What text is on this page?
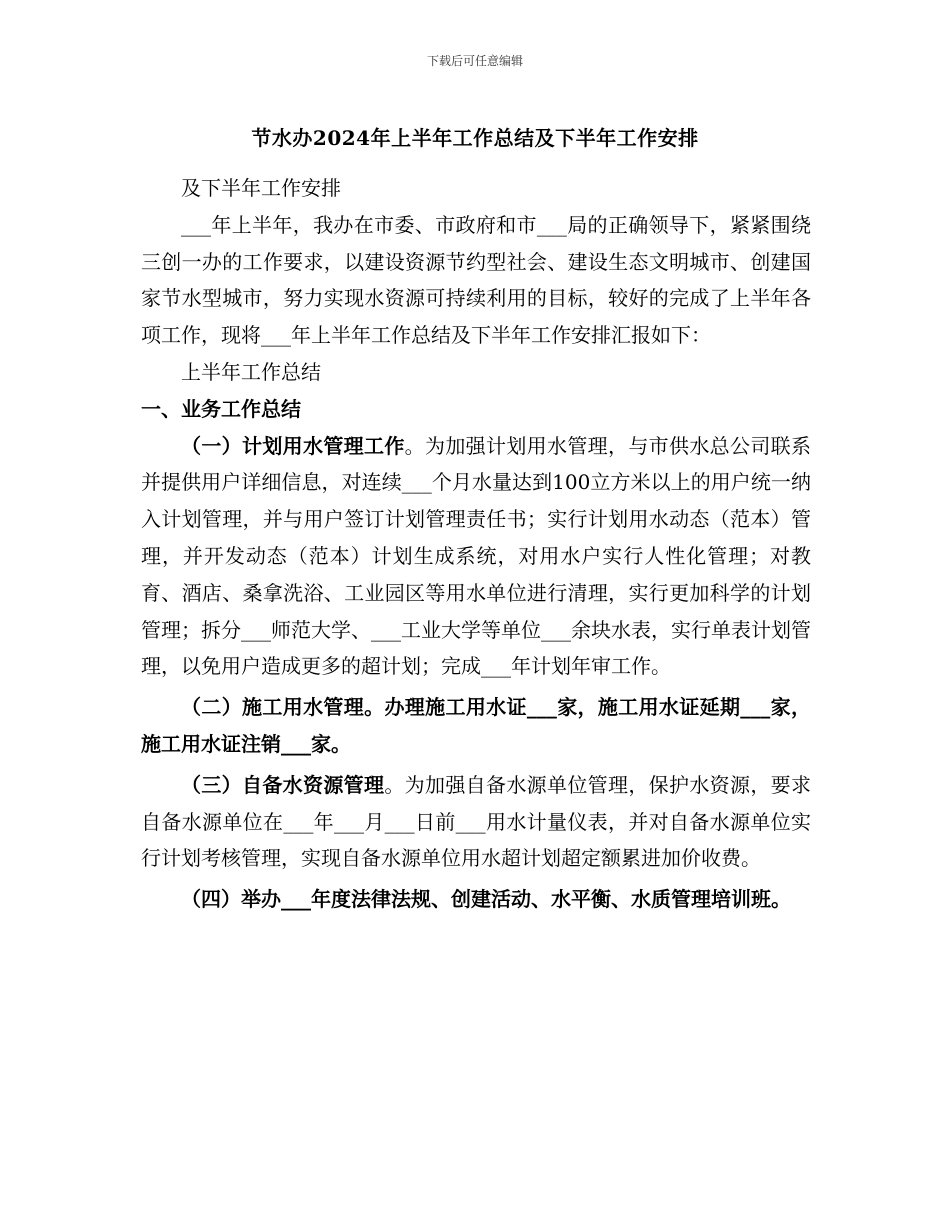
下载后可任意编辑
节水办2024年上半年工作总结及下半年工作安排

及下半年工作安排

___年上半年，我办在市委、市政府和市___局的正确领导下，紧紧围绕三创一办的工作要求，以建设资源节约型社会、建设生态文明城市、创建国家节水型城市，努力实现水资源可持续利用的目标，较好的完成了上半年各项工作，现将___年上半年工作总结及下半年工作安排汇报如下：

上半年工作总结

一、业务工作总结

（一）计划用水管理工作。为加强计划用水管理，与市供水总公司联系并提供用户详细信息，对连续___个月水量达到100立方米以上的用户统一纳入计划管理，并与用户签订计划管理责任书；实行计划用水动态（范本）管理，并开发动态（范本）计划生成系统，对用水户实行人性化管理；对教育、酒店、桑拿洗浴、工业园区等用水单位进行清理，实行更加科学的计划管理；拆分___师范大学、___工业大学等单位___余块水表，实行单表计划管理，以免用户造成更多的超计划；完成___年计划年审工作。

（二）施工用水管理。办理施工用水证___家，施工用水证延期___家，施工用水证注销___家。

（三）自备水资源管理。为加强自备水源单位管理，保护水资源，要求自备水源单位在___年___月___日前___用水计量仪表，并对自备水源单位实行计划考核管理，实现自备水源单位用水超计划超定额累进加价收费。

（四）举办___年度法律法规、创建活动、水平衡、水质管理培训班。
